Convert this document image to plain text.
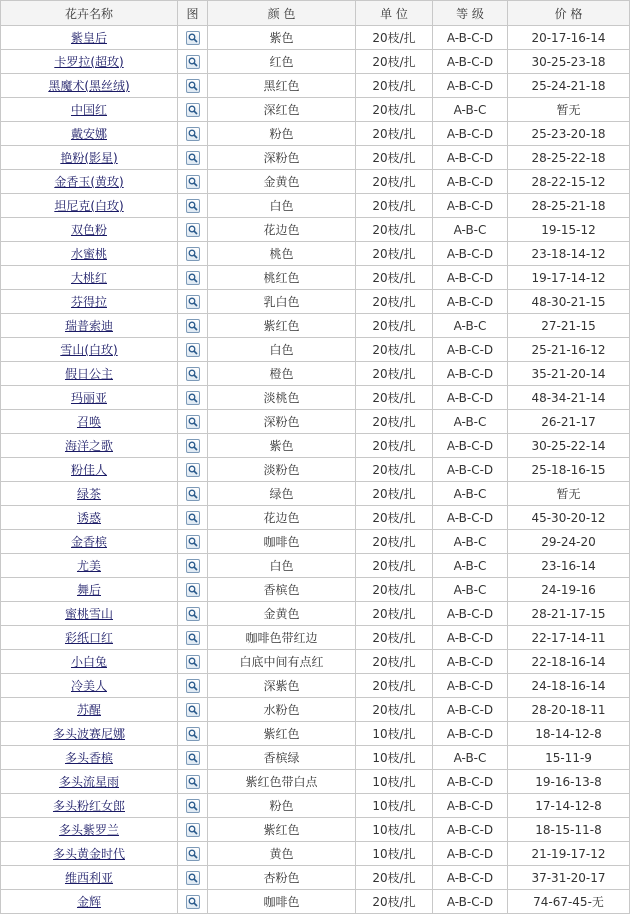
花卉名称	图	颜 色	单 位	等 级	价 格
紫皇后		紫色	20枝/扎	A-B-C-D	20-17-16-14
卡罗拉(超玫)		红色	20枝/扎	A-B-C-D	30-25-23-18
黑魔术(黑丝绒)		黑红色	20枝/扎	A-B-C-D	25-24-21-18
中国红		深红色	20枝/扎	A-B-C	暂无
戴安娜		粉色	20枝/扎	A-B-C-D	25-23-20-18
艳粉(影星)		深粉色	20枝/扎	A-B-C-D	28-25-22-18
金香玉(黄玫)		金黄色	20枝/扎	A-B-C-D	28-22-15-12
坦尼克(白玫)		白色	20枝/扎	A-B-C-D	28-25-21-18
双色粉		花边色	20枝/扎	A-B-C	19-15-12
水蜜桃		桃色	20枝/扎	A-B-C-D	23-18-14-12
大桃红		桃红色	20枝/扎	A-B-C-D	19-17-14-12
芬得拉		乳白色	20枝/扎	A-B-C-D	48-30-21-15
瑞普索迪		紫红色	20枝/扎	A-B-C	27-21-15
雪山(白玫)		白色	20枝/扎	A-B-C-D	25-21-16-12
假日公主		橙色	20枝/扎	A-B-C-D	35-21-20-14
玛丽亚		淡桃色	20枝/扎	A-B-C-D	48-34-21-14
召唤		深粉色	20枝/扎	A-B-C	26-21-17
海洋之歌		紫色	20枝/扎	A-B-C-D	30-25-22-14
粉佳人		淡粉色	20枝/扎	A-B-C-D	25-18-16-15
绿茶		绿色	20枝/扎	A-B-C	暂无
诱惑		花边色	20枝/扎	A-B-C-D	45-30-20-12
金香槟		咖啡色	20枝/扎	A-B-C	29-24-20
尤美		白色	20枝/扎	A-B-C	23-16-14
舞后		香槟色	20枝/扎	A-B-C	24-19-16
蜜桃雪山		金黄色	20枝/扎	A-B-C-D	28-21-17-15
彩纸口红		咖啡色带红边	20枝/扎	A-B-C-D	22-17-14-11
小白兔		白底中间有点红	20枝/扎	A-B-C-D	22-18-16-14
冷美人		深紫色	20枝/扎	A-B-C-D	24-18-16-14
苏醒		水粉色	20枝/扎	A-B-C-D	28-20-18-11
多头波赛尼娜		紫红色	10枝/扎	A-B-C-D	18-14-12-8
多头香槟		香槟绿	10枝/扎	A-B-C	15-11-9
多头流星雨		紫红色带白点	10枝/扎	A-B-C-D	19-16-13-8
多头粉红女郎		粉色	10枝/扎	A-B-C-D	17-14-12-8
多头紫罗兰		紫红色	10枝/扎	A-B-C-D	18-15-11-8
多头黄金时代		黄色	10枝/扎	A-B-C-D	21-19-17-12
维西利亚		杏粉色	20枝/扎	A-B-C-D	37-31-20-17
金辉		咖啡色	20枝/扎	A-B-C-D	74-67-45-无
